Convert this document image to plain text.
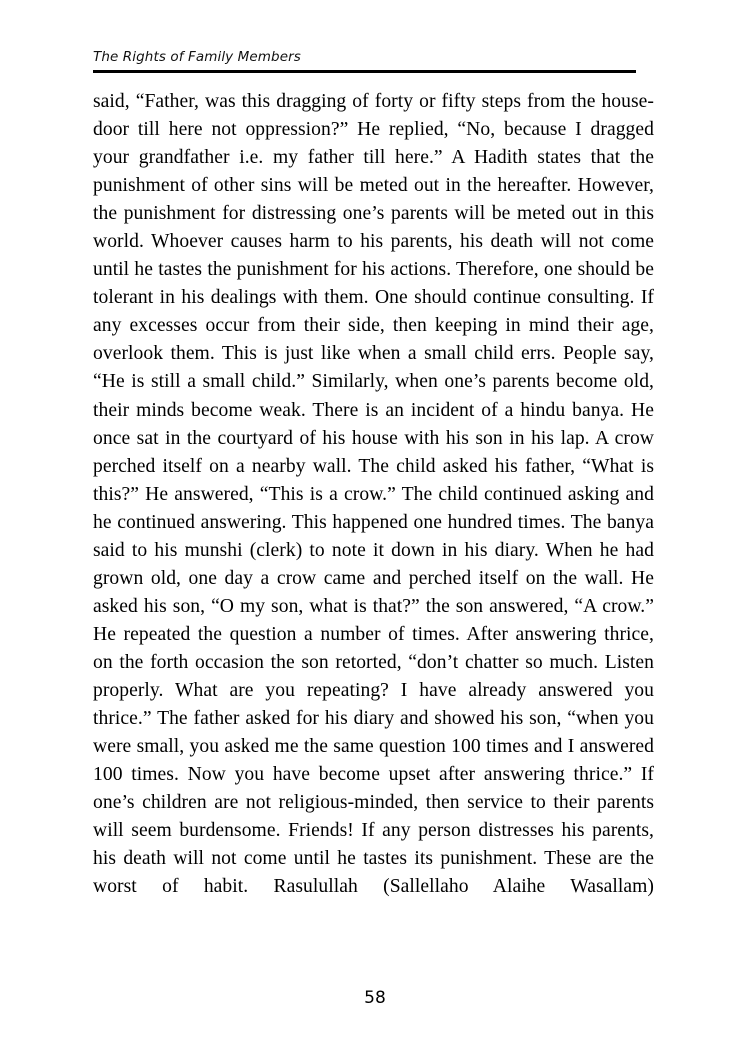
The Rights of Family Members

said, “Father, was this dragging of forty or fifty steps from the house-door till here not oppression?” He replied, “No, because I dragged your grandfather i.e. my father till here.” A Hadith states that the punishment of other sins will be meted out in the hereafter. However, the punishment for distressing one’s parents will be meted out in this world. Whoever causes harm to his parents, his death will not come until he tastes the punishment for his actions. Therefore, one should be tolerant in his dealings with them. One should continue consulting. If any excesses occur from their side, then keeping in mind their age, overlook them. This is just like when a small child errs. People say, “He is still a small child.” Similarly, when one’s parents become old, their minds become weak. There is an incident of a hindu banya. He once sat in the courtyard of his house with his son in his lap. A crow perched itself on a nearby wall. The child asked his father, “What is this?” He answered, “This is a crow.” The child continued asking and he continued answering. This happened one hundred times. The banya said to his munshi (clerk) to note it down in his diary. When he had grown old, one day a crow came and perched itself on the wall. He asked his son, “O my son, what is that?” the son answered, “A crow.” He repeated the question a number of times. After answering thrice, on the forth occasion the son retorted, “don’t chatter so much. Listen properly. What are you repeating? I have already answered you thrice.” The father asked for his diary and showed his son, “when you were small, you asked me the same question 100 times and I answered 100 times. Now you have become upset after answering thrice.” If one’s children are not religious-minded, then service to their parents will seem burdensome. Friends! If any person distresses his parents, his death will not come until he tastes its punishment. These are the worst of habit. Rasulullah (Sallellaho Alaihe Wasallam)

58
